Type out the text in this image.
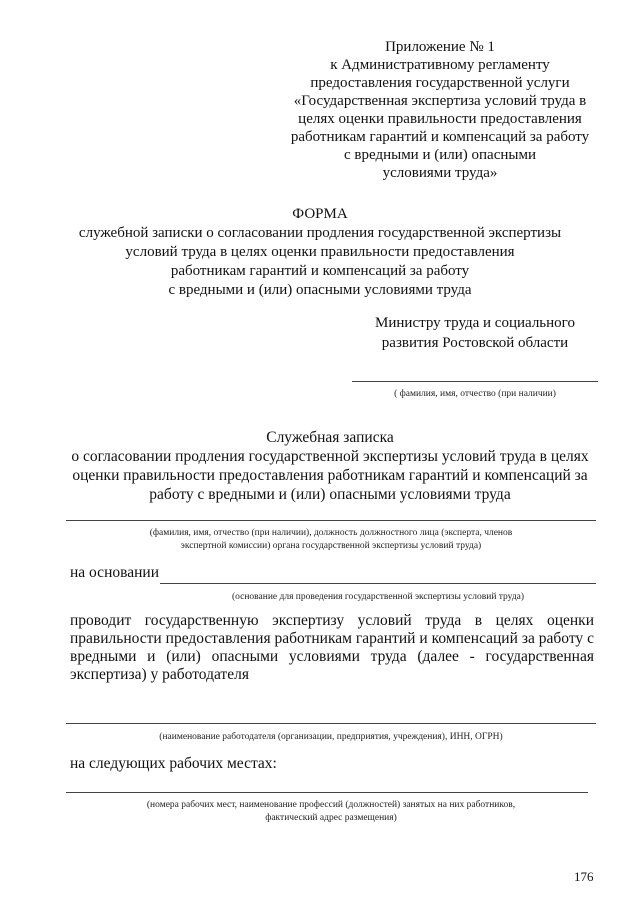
Приложение № 1
к Административному регламенту
предоставления государственной услуги
«Государственная экспертиза условий труда в
целях оценки правильности предоставления
работникам гарантий и компенсаций за работу
с вредными и (или) опасными
условиями труда»
ФОРМА
служебной записки о согласовании продления государственной экспертизы
условий труда в целях оценки правильности предоставления
работникам гарантий и компенсаций за работу
с вредными и (или) опасными условиями труда
Министру труда и социального
развития Ростовской области
( фамилия, имя, отчество (при наличии)
Служебная записка
о согласовании продления государственной экспертизы условий труда в целях
оценки правильности предоставления работникам гарантий и компенсаций за
работу с вредными и (или) опасными условиями труда
(фамилия, имя, отчество (при наличии), должность должностного лица (эксперта, членов
экспертной комиссии) органа государственной экспертизы условий труда)
на основании
(основание для проведения государственной экспертизы условий труда)
проводит государственную экспертизу условий труда в целях оценки
правильности предоставления работникам гарантий и компенсаций за работу с
вредными и (или) опасными условиями труда (далее - государственная
экспертиза) у работодателя
(наименование работодателя (организации, предприятия, учреждения), ИНН, ОГРН)
на следующих рабочих местах:
(номера рабочих мест, наименование профессий (должностей) занятых на них работников,
фактический адрес размещения)
176
